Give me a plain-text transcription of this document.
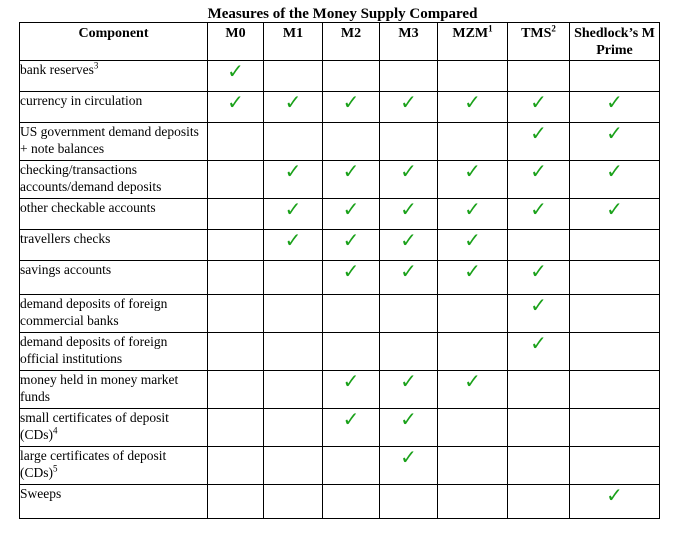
Measures of the Money Supply Compared
Component	M0	M1	M2	M3	MZM$^1$	TMS$^2$	Shedlock’s M Prime
bank reserves$^3$	✓						
currency in circulation	✓	✓	✓	✓	✓	✓	✓
US government demand deposits + note balances						✓	✓
checking/transactions accounts/demand deposits		✓	✓	✓	✓	✓	✓
other checkable accounts		✓	✓	✓	✓	✓	✓
travellers checks		✓	✓	✓	✓		
savings accounts			✓	✓	✓	✓	
demand deposits of foreign commercial banks						✓	
demand deposits of foreign official institutions						✓	
money held in money market funds			✓	✓	✓		
small certificates of deposit (CDs)$^4$			✓	✓			
large certificates of deposit (CDs)$^5$				✓			
Sweeps							✓
